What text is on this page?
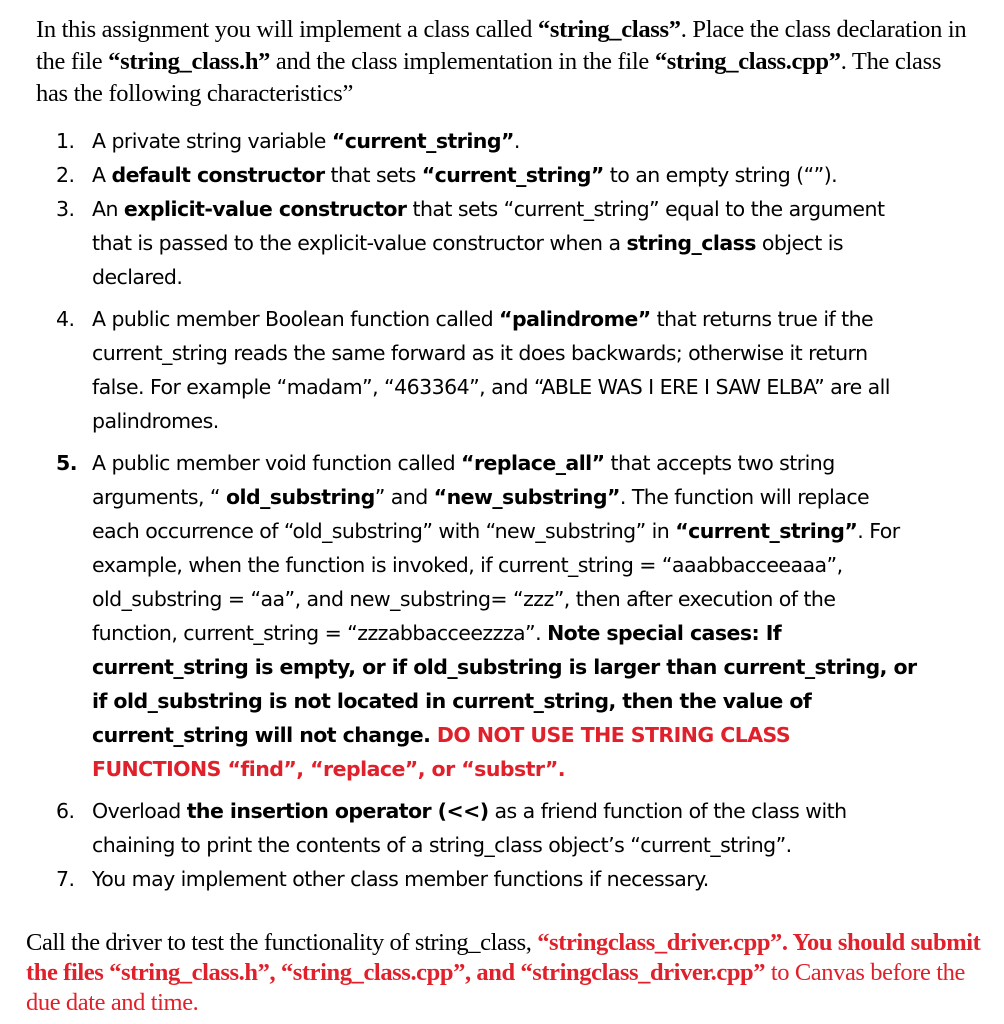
In this assignment you will implement a class called “string_class”. Place the class declaration in the file “string_class.h” and the class implementation in the file “string_class.cpp”. The class has the following characteristics”
1. A private string variable “current_string”.
2. A default constructor that sets “current_string” to an empty string (“”).
3. An explicit-value constructor that sets “current_string” equal to the argument that is passed to the explicit-value constructor when a string_class object is declared.
4. A public member Boolean function called “palindrome” that returns true if the current_string reads the same forward as it does backwards; otherwise it return false. For example “madam”, “463364”, and “ABLE WAS I ERE I SAW ELBA” are all palindromes.
5. A public member void function called “replace_all” that accepts two string arguments, “ old_substring” and “new_substring”. The function will replace each occurrence of “old_substring” with “new_substring” in “current_string”. For example, when the function is invoked, if current_string = “aaabbacceeaaa”, old_substring = “aa”, and new_substring= “zzz”, then after execution of the function, current_string = “zzzabbacceezzza”. Note special cases: If current_string is empty, or if old_substring is larger than current_string, or if old_substring is not located in current_string, then the value of current_string will not change. DO NOT USE THE STRING CLASS FUNCTIONS “find”, “replace”, or “substr”.
6. Overload the insertion operator (<<) as a friend function of the class with chaining to print the contents of a string_class object’s “current_string”.
7. You may implement other class member functions if necessary.
Call the driver to test the functionality of string_class, “stringclass_driver.cpp”. You should submit the files “string_class.h”, “string_class.cpp”, and “stringclass_driver.cpp” to Canvas before the due date and time.
